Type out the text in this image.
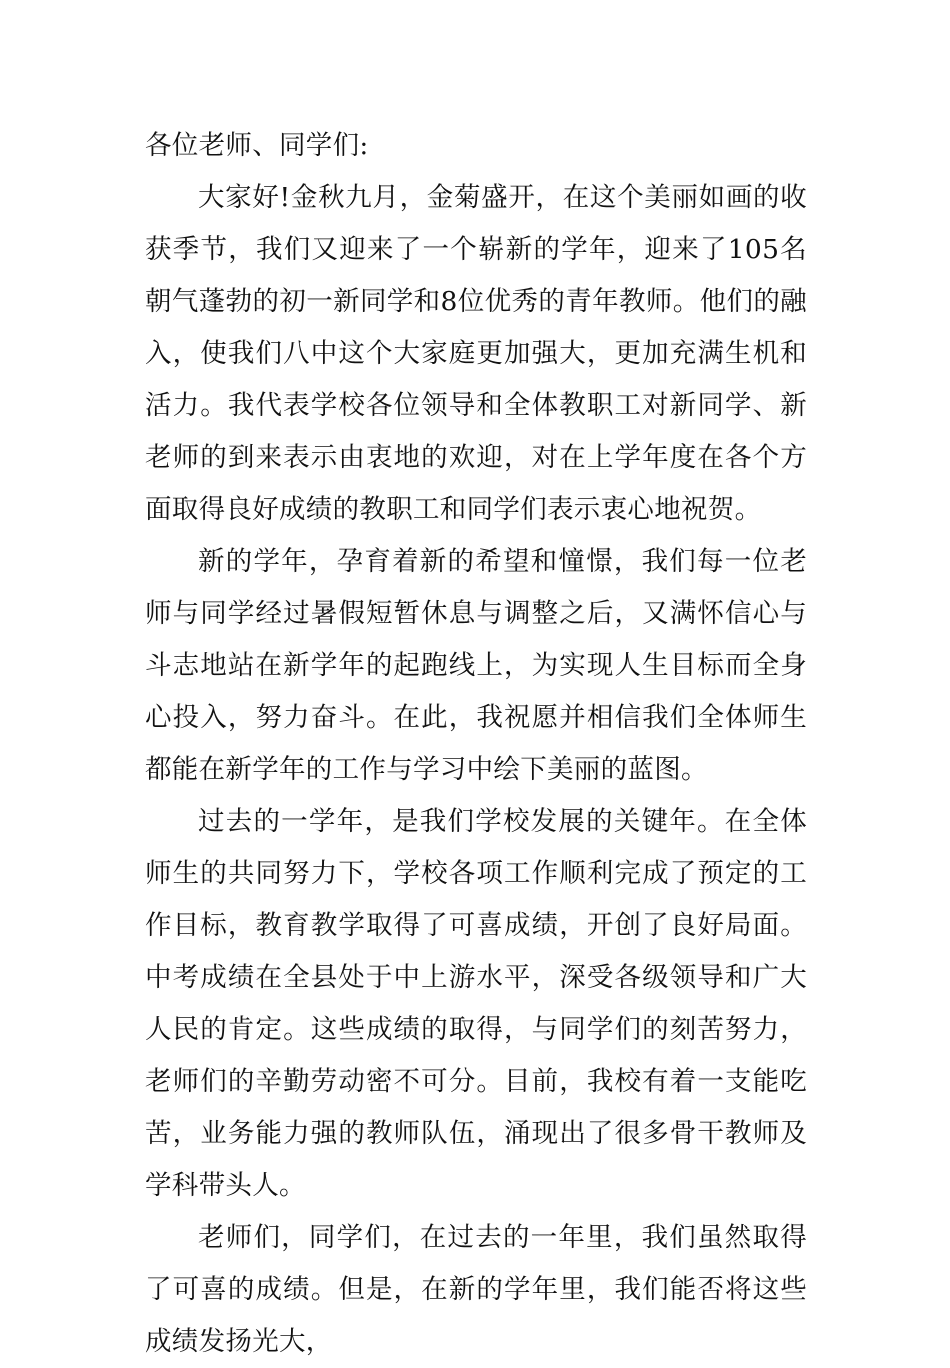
各位老师、同学们:

大家好!金秋九月，金菊盛开，在这个美丽如画的收获季节，我们又迎来了一个崭新的学年，迎来了105名朝气蓬勃的初一新同学和8位优秀的青年教师。他们的融入，使我们八中这个大家庭更加强大，更加充满生机和活力。我代表学校各位领导和全体教职工对新同学、新老师的到来表示由衷地的欢迎，对在上学年度在各个方面取得良好成绩的教职工和同学们表示衷心地祝贺。

新的学年，孕育着新的希望和憧憬，我们每一位老师与同学经过暑假短暂休息与调整之后，又满怀信心与斗志地站在新学年的起跑线上，为实现人生目标而全身心投入，努力奋斗。在此，我祝愿并相信我们全体师生都能在新学年的工作与学习中绘下美丽的蓝图。

过去的一学年，是我们学校发展的关键年。在全体师生的共同努力下，学校各项工作顺利完成了预定的工作目标，教育教学取得了可喜成绩，开创了良好局面。中考成绩在全县处于中上游水平，深受各级领导和广大人民的肯定。这些成绩的取得，与同学们的刻苦努力，老师们的辛勤劳动密不可分。目前，我校有着一支能吃苦，业务能力强的教师队伍，涌现出了很多骨干教师及学科带头人。

老师们，同学们，在过去的一年里，我们虽然取得了可喜的成绩。但是，在新的学年里，我们能否将这些成绩发扬光大，
